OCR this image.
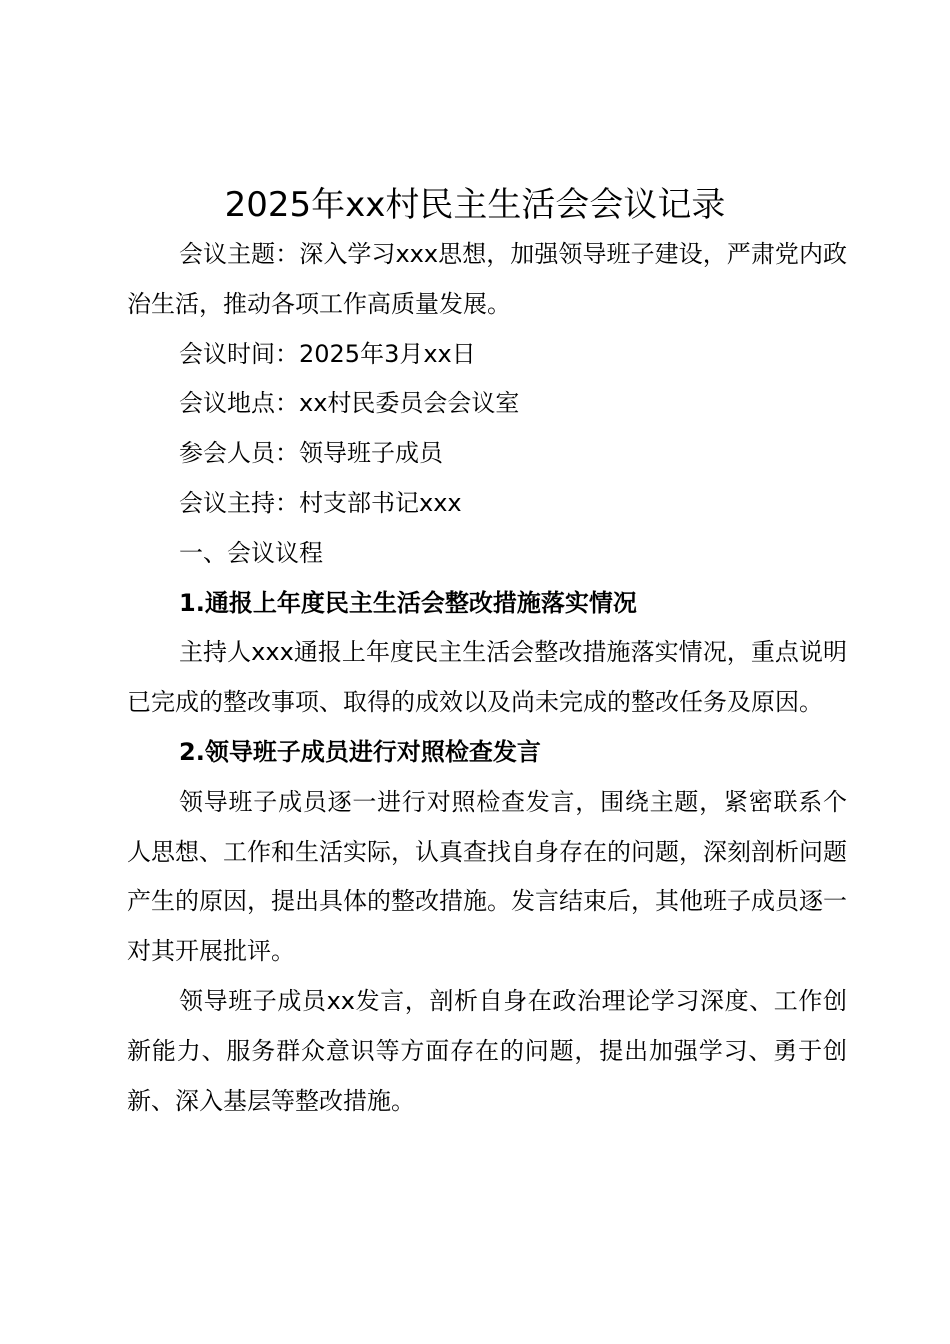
2025年xx村民主生活会会议记录

会议主题：深入学习xxx思想，加强领导班子建设，严肃党内政治生活，推动各项工作高质量发展。

会议时间：2025年3月xx日

会议地点：xx村民委员会会议室

参会人员：领导班子成员

会议主持：村支部书记xxx

一、会议议程

1.通报上年度民主生活会整改措施落实情况

主持人xxx通报上年度民主生活会整改措施落实情况，重点说明已完成的整改事项、取得的成效以及尚未完成的整改任务及原因。

2.领导班子成员进行对照检查发言

领导班子成员逐一进行对照检查发言，围绕主题，紧密联系个人思想、工作和生活实际，认真查找自身存在的问题，深刻剖析问题产生的原因，提出具体的整改措施。发言结束后，其他班子成员逐一对其开展批评。

领导班子成员xx发言，剖析自身在政治理论学习深度、工作创新能力、服务群众意识等方面存在的问题，提出加强学习、勇于创新、深入基层等整改措施。
